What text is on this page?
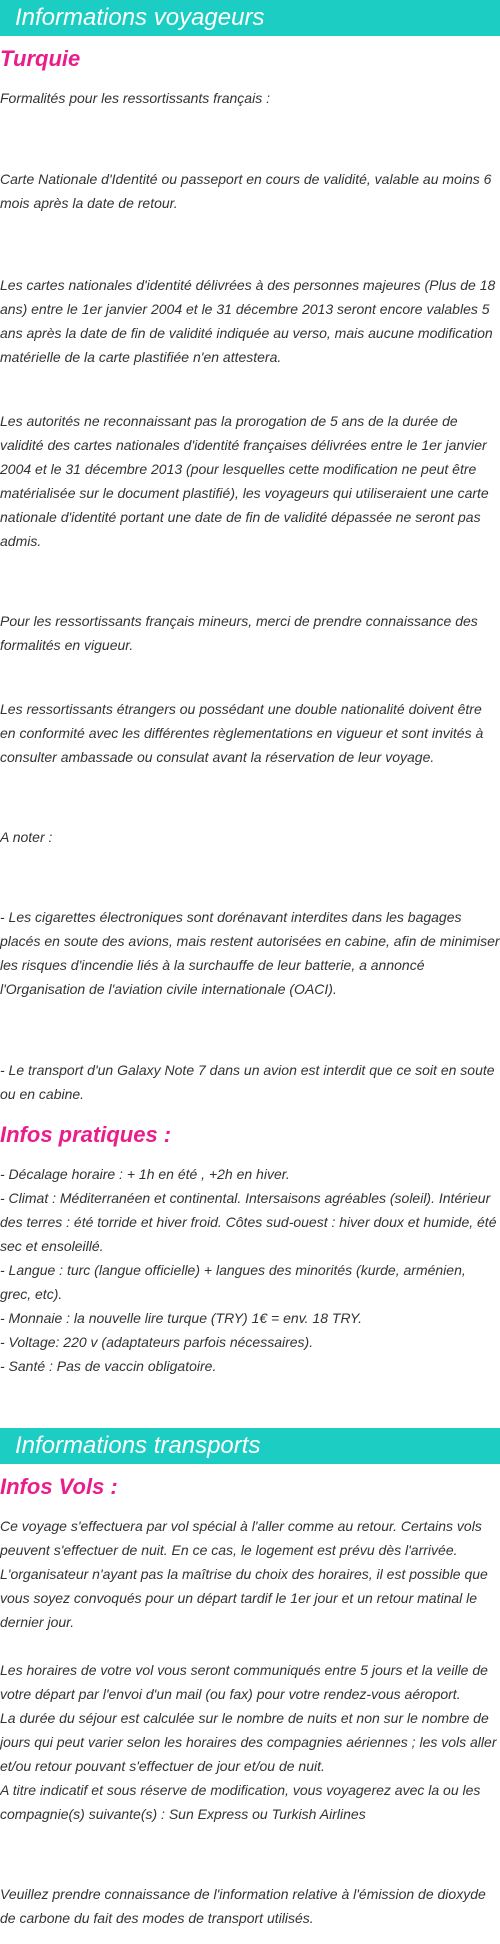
Informations voyageurs
Turquie

Formalités pour les ressortissants français :

Carte Nationale d'Identité ou passeport en cours de validité, valable au moins 6 mois après la date de retour.

Les cartes nationales d'identité délivrées à des personnes majeures (Plus de 18 ans) entre le 1er janvier 2004 et le 31 décembre 2013 seront encore valables 5 ans après la date de fin de validité indiquée au verso, mais aucune modification matérielle de la carte plastifiée n'en attestera.

Les autorités ne reconnaissant pas la prorogation de 5 ans de la durée de validité des cartes nationales d'identité françaises délivrées entre le 1er janvier 2004 et le 31 décembre 2013 (pour lesquelles cette modification ne peut être matérialisée sur le document plastifié), les voyageurs qui utiliseraient une carte nationale d'identité portant une date de fin de validité dépassée ne seront pas admis.

Pour les ressortissants français mineurs, merci de prendre connaissance des formalités en vigueur.

Les ressortissants étrangers ou possédant une double nationalité doivent être en conformité avec les différentes règlementations en vigueur et sont invités à consulter ambassade ou consulat avant la réservation de leur voyage.

A noter :

- Les cigarettes électroniques sont dorénavant interdites dans les bagages placés en soute des avions, mais restent autorisées en cabine, afin de minimiser les risques d'incendie liés à la surchauffe de leur batterie, a annoncé l'Organisation de l'aviation civile internationale (OACI).

- Le transport d'un Galaxy Note 7 dans un avion est interdit que ce soit en soute ou en cabine.

Infos pratiques :

- Décalage horaire : + 1h en été , +2h en hiver.

- Climat : Méditerranéen et continental. Intersaisons agréables (soleil). Intérieur des terres : été torride et hiver froid. Côtes sud-ouest : hiver doux et humide, été sec et ensoleillé.

- Langue : turc (langue officielle) + langues des minorités (kurde, arménien, grec, etc).

- Monnaie : la nouvelle lire turque (TRY) 1€ = env. 18 TRY.

- Voltage: 220 v (adaptateurs parfois nécessaires).

- Santé : Pas de vaccin obligatoire.

Informations transports
Infos Vols :

Ce voyage s'effectuera par vol spécial à l'aller comme au retour. Certains vols peuvent s'effectuer de nuit. En ce cas, le logement est prévu dès l'arrivée. L'organisateur n'ayant pas la maîtrise du choix des horaires, il est possible que vous soyez convoqués pour un départ tardif le 1er jour et un retour matinal le dernier jour.

Les horaires de votre vol vous seront communiqués entre 5 jours et la veille de votre départ par l'envoi d'un mail (ou fax) pour votre rendez-vous aéroport.

La durée du séjour est calculée sur le nombre de nuits et non sur le nombre de jours qui peut varier selon les horaires des compagnies aériennes ; les vols aller et/ou retour pouvant s'effectuer de jour et/ou de nuit.

A titre indicatif et sous réserve de modification, vous voyagerez avec la ou les compagnie(s) suivante(s) : Sun Express ou Turkish Airlines

Veuillez prendre connaissance de l'information relative à l'émission de dioxyde de carbone du fait des modes de transport utilisés.
